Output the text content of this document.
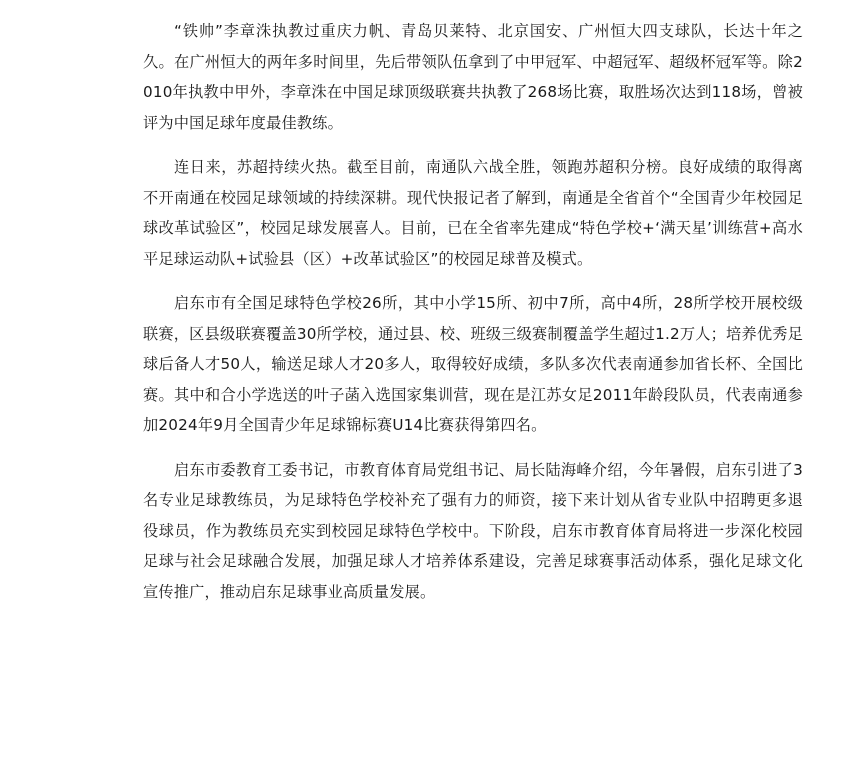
“铁帅”李章洙执教过重庆力帆、青岛贝莱特、北京国安、广州恒大四支球队，长达十年之久。在广州恒大的两年多时间里，先后带领队伍拿到了中甲冠军、中超冠军、超级杯冠军等。除2010年执教中甲外，李章洙在中国足球顶级联赛共执教了268场比赛，取胜场次达到118场，曾被评为中国足球年度最佳教练。

连日来，苏超持续火热。截至目前，南通队六战全胜，领跑苏超积分榜。良好成绩的取得离不开南通在校园足球领域的持续深耕。现代快报记者了解到，南通是全省首个“全国青少年校园足球改革试验区”，校园足球发展喜人。目前，已在全省率先建成“特色学校+‘满天星’训练营+高水平足球运动队+试验县（区）+改革试验区”的校园足球普及模式。

启东市有全国足球特色学校26所，其中小学15所、初中7所，高中4所，28所学校开展校级联赛，区县级联赛覆盖30所学校，通过县、校、班级三级赛制覆盖学生超过1.2万人；培养优秀足球后备人才50人，输送足球人才20多人，取得较好成绩，多队多次代表南通参加省长杯、全国比赛。其中和合小学选送的叶子菡入选国家集训营，现在是江苏女足2011年龄段队员，代表南通参加2024年9月全国青少年足球锦标赛U14比赛获得第四名。

启东市委教育工委书记，市教育体育局党组书记、局长陆海峰介绍，今年暑假，启东引进了3名专业足球教练员，为足球特色学校补充了强有力的师资，接下来计划从省专业队中招聘更多退役球员，作为教练员充实到校园足球特色学校中。下阶段，启东市教育体育局将进一步深化校园足球与社会足球融合发展，加强足球人才培养体系建设，完善足球赛事活动体系，强化足球文化宣传推广，推动启东足球事业高质量发展。
